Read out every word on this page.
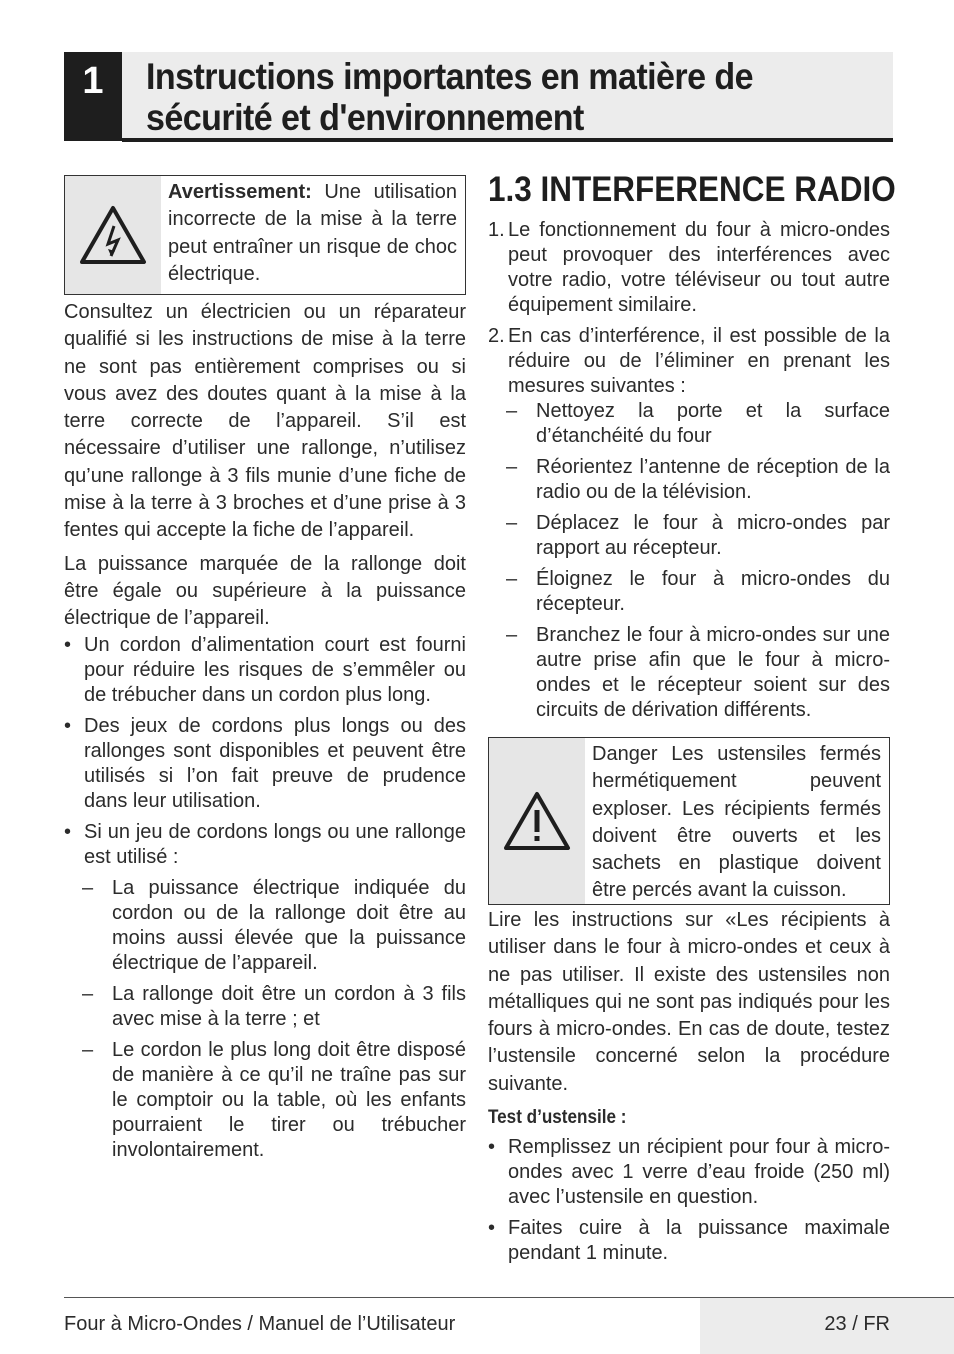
1	Instructions importantes en matière de sécurité et d'environnement
Avertissement: Une utilisation incorrecte de la mise à la terre peut entraîner un risque de choc électrique.

Consultez un électricien ou un réparateur qualifié si les instructions de mise à la terre ne sont pas entièrement comprises ou si vous avez des doutes quant à la mise à la terre correcte de l’appareil. S’il est nécessaire d’utiliser une rallonge, n’utilisez qu’une rallonge à 3 fils munie d’une fiche de mise à la terre à 3 broches et d’une prise à 3 fentes qui accepte la fiche de l’appareil.

La puissance marquée de la rallonge doit être égale ou supérieure à la puissance électrique de l’appareil.

• Un cordon d’alimentation court est fourni pour réduire les risques de s’emmêler ou de trébucher dans un cordon plus long.
• Des jeux de cordons plus longs ou des rallonges sont disponibles et peuvent être utilisés si l’on fait preuve de prudence dans leur utilisation.
• Si un jeu de cordons longs ou une rallonge est utilisé :
– La puissance électrique indiquée du cordon ou de la rallonge doit être au moins aussi élevée que la puissance électrique de l’appareil.
– La rallonge doit être un cordon à 3 fils avec mise à la terre ; et
– Le cordon le plus long doit être disposé de manière à ce qu’il ne traîne pas sur le comptoir ou la table, où les enfants pourraient le tirer ou trébucher involontairement.
1.3 INTERFERENCE RADIO
1. Le fonctionnement du four à micro-ondes peut provoquer des interférences avec votre radio, votre téléviseur ou tout autre équipement similaire.
2. En cas d’interférence, il est possible de la réduire ou de l’éliminer en prenant les mesures suivantes :
– Nettoyez la porte et la surface d’étanchéité du four
– Réorientez l’antenne de réception de la radio ou de la télévision.
– Déplacez le four à micro-ondes par rapport au récepteur.
– Éloignez le four à micro-ondes du récepteur.
– Branchez le four à micro-ondes sur une autre prise afin que le four à micro-ondes et le récepteur soient sur des circuits de dérivation différents.
Danger Les ustensiles fermés hermétiquement peuvent exploser. Les récipients fermés doivent être ouverts et les sachets en plastique doivent être percés avant la cuisson.

Lire les instructions sur «Les récipients à utiliser dans le four à micro-ondes et ceux à ne pas utiliser. Il existe des ustensiles non métalliques qui ne sont pas indiqués pour les fours à micro-ondes. En cas de doute, testez l’ustensile concerné selon la procédure suivante.

Test d’ustensile :
• Remplissez un récipient pour four à micro-ondes avec 1 verre d’eau froide (250 ml) avec l’ustensile en question.
• Faites cuire à la puissance maximale pendant 1 minute.
Four à Micro-Ondes / Manuel de l’Utilisateur	23 / FR
